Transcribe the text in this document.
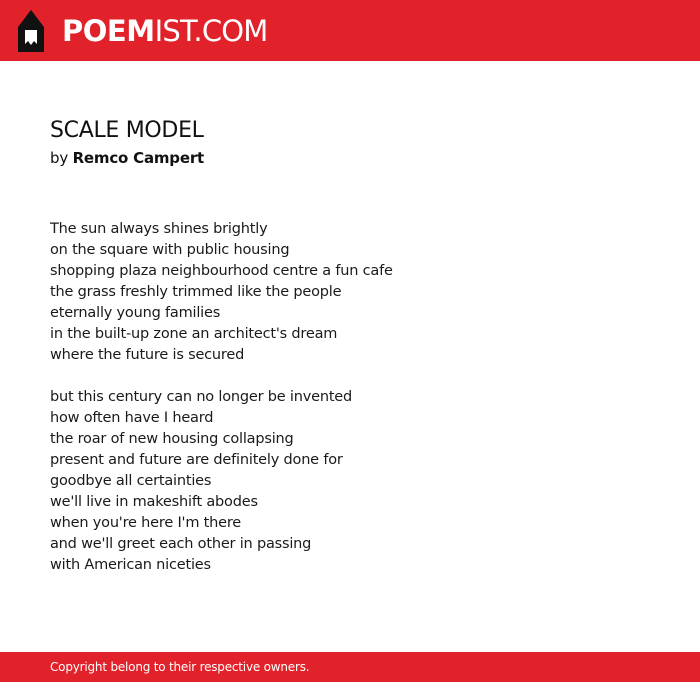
POEMIST.COM
SCALE MODEL
by Remco Campert
The sun always shines brightly
on the square with public housing
shopping plaza neighbourhood centre a fun cafe
the grass freshly trimmed like the people
eternally young families
in the built-up zone an architect's dream
where the future is secured
but this century can no longer be invented
how often have I heard
the roar of new housing collapsing
present and future are definitely done for
goodbye all certainties
we'll live in makeshift abodes
when you're here I'm there
and we'll greet each other in passing
with American niceties
Copyright belong to their respective owners.
